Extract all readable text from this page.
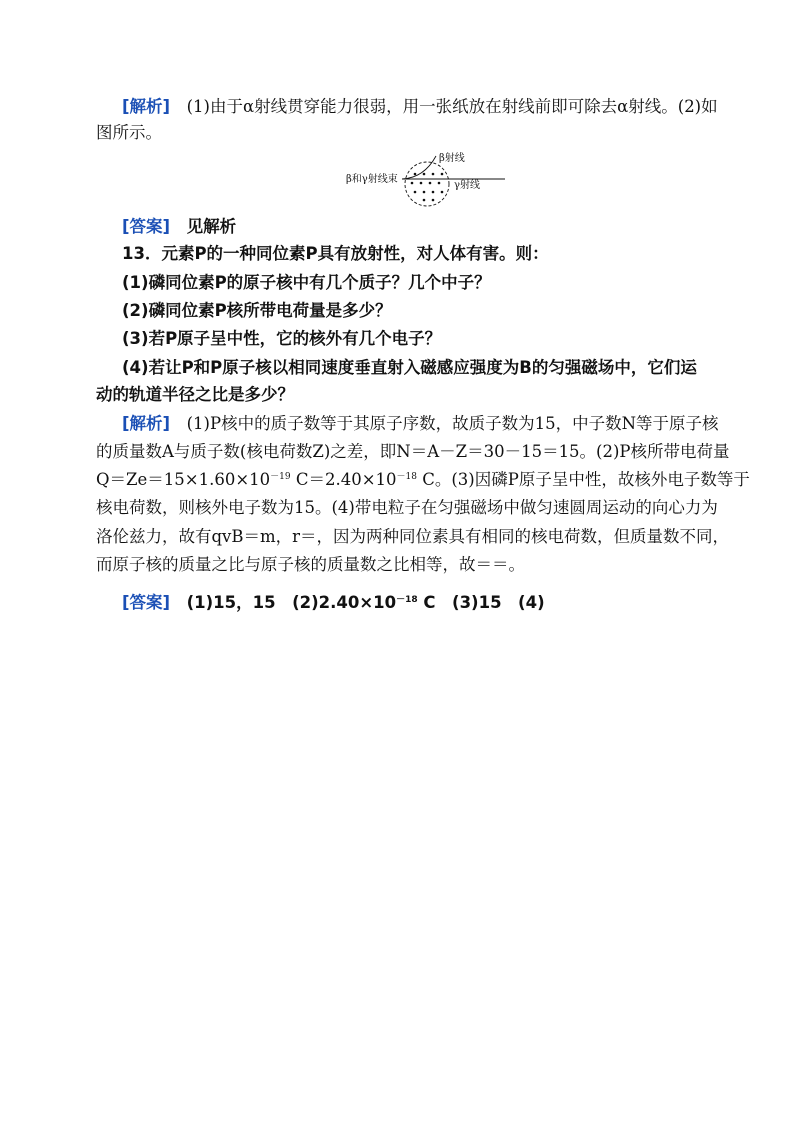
[解析]　(1)由于α射线贯穿能力很弱，用一张纸放在射线前即可除去α射线。(2)如
图所示。
β射线
β和γ射线束
γ射线
[答案]　见解析
13．元素P的一种同位素P具有放射性，对人体有害。则：
(1)磷同位素P的原子核中有几个质子？几个中子？
(2)磷同位素P核所带电荷量是多少？
(3)若P原子呈中性，它的核外有几个电子？
(4)若让P和P原子核以相同速度垂直射入磁感应强度为B的匀强磁场中，它们运
动的轨道半径之比是多少？
[解析]　(1)P核中的质子数等于其原子序数，故质子数为15，中子数N等于原子核
的质量数A与质子数(核电荷数Z)之差，即N＝A－Z＝30－15＝15。(2)P核所带电荷量
$Q=Ze=15\times 1.60\times 10^{-19}$ $C=2.40\times 10^{-18}$ C。(3)因磷P原子呈中性，故核外电子数等于
核电荷数，则核外电子数为15。(4)带电粒子在匀强磁场中做匀速圆周运动的向心力为
洛伦兹力，故有qvB＝m，r＝，因为两种同位素具有相同的核电荷数，但质量数不同，
而原子核的质量之比与原子核的质量数之比相等，故＝＝。
[答案]　(1)15，15　$(2)2.40\times 10^{-18}$ C　(3)15　(4)
